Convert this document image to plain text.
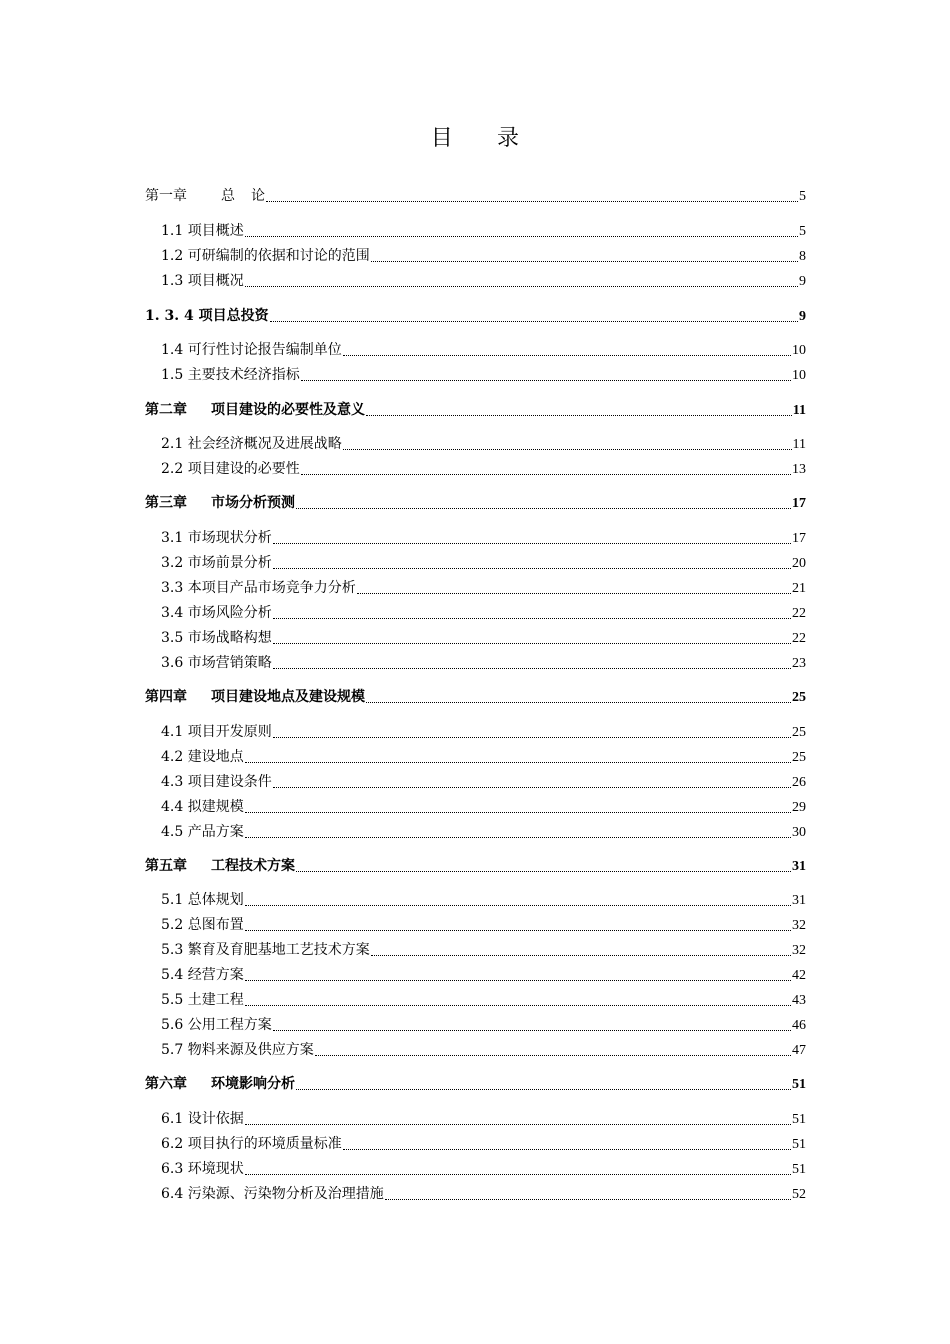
目 录
第一章 总 论	5
1.1 项目概述	5
1.2 可研编制的依据和讨论的范围	8
1.3 项目概况	9
1. 3. 4 项目总投资	9
1.4 可行性讨论报告编制单位	10
1.5 主要技术经济指标	10
第二章 项目建设的必要性及意义	11
2.1 社会经济概况及进展战略	11
2.2 项目建设的必要性	13
第三章 市场分析预测	17
3.1 市场现状分析	17
3.2 市场前景分析	20
3.3 本项目产品市场竞争力分析	21
3.4 市场风险分析	22
3.5 市场战略构想	22
3.6 市场营销策略	23
第四章 项目建设地点及建设规模	25
4.1 项目开发原则	25
4.2 建设地点	25
4.3 项目建设条件	26
4.4 拟建规模	29
4.5 产品方案	30
第五章 工程技术方案	31
5.1 总体规划	31
5.2 总图布置	32
5.3 繁育及育肥基地工艺技术方案	32
5.4 经营方案	42
5.5 土建工程	43
5.6 公用工程方案	46
5.7 物料来源及供应方案	47
第六章 环境影响分析	51
6.1 设计依据	51
6.2 项目执行的环境质量标准	51
6.3 环境现状	51
6.4 污染源、污染物分析及治理措施	52
